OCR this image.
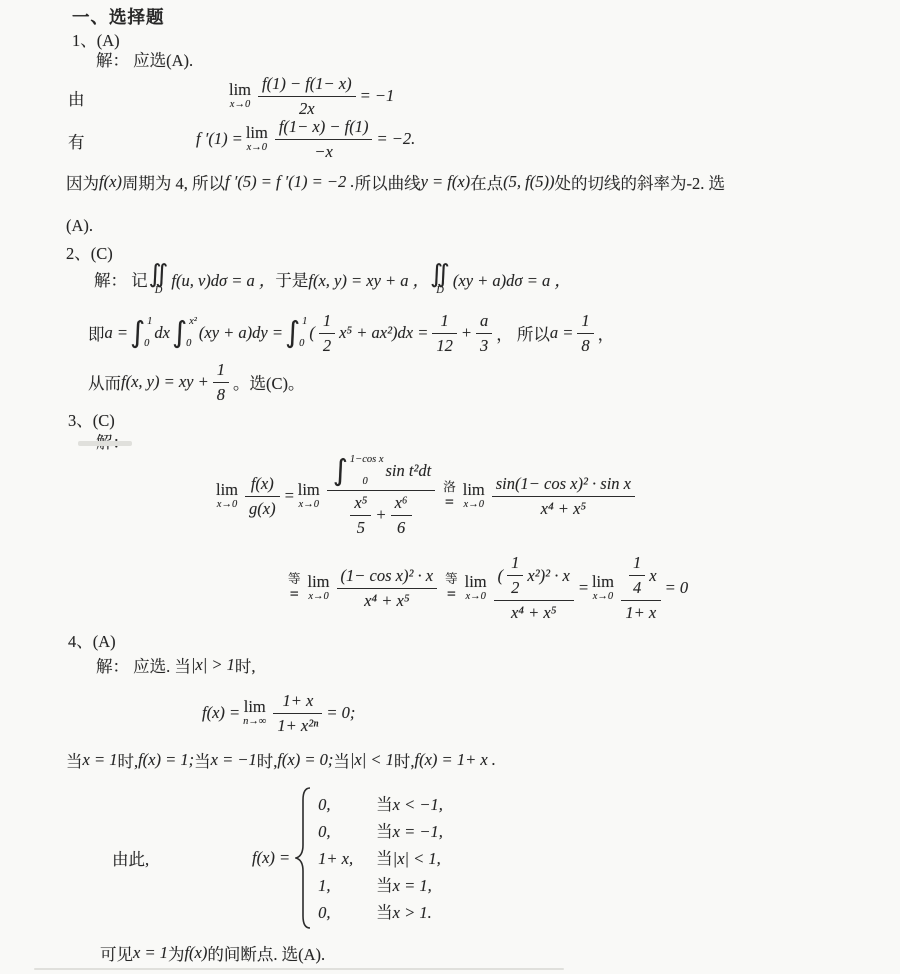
一、选择题
1、(A)
解： 应选(A).
由
lim
$x\to 0 \frac{f(1) - f(1- x)}{2x} = -1$
有	f ′(1) = lim
$x\to 0 \frac{f(1- x) - f(1)}{-x} = -2$.
因为 f(x) 周期为 4, 所以 f ′(5) = f ′(1) = −2 . 所以曲线 y = f(x) 在点 (5, f(5)) 处的切线的斜率为-2. 选
(A).
2、(C)
解： 记 ∬
D
f(u, v)dσ = a ， 于是 f(x, y) = xy + a ， ∬
D
(xy + a)dσ = a ，
即 a = ∫ 1
0
dx ∫ x²
0
(xy + a)dy = ∫ 1
0
( $\frac{1}{2} x^5 + ax^2)dx = \frac{1}{12} + \frac{a}{3}$ ， 所以 $a = \frac{1}{8}$ ，
从而 f(x, y) = xy + $\frac{1}{8}$ 。选(C)。
3、(C)
lim
$x\to 0 \frac{f(x)}{g(x)} = \lim$
x→0
∫ 1−cos x
0
sin t²dt
$\frac{\text{x⁵}}{5} + \frac{\text{x⁶}}{6}$
洛
=
lim
$x\to 0 \frac{\text{sin(1− cos x)² · sin x}}{\text{x⁴ + x⁵}}$
等
=
lim
$x\to 0 \frac{\text{(1− cos x)² · x}}{\text{x⁴ + x⁵}}$ 等
=
lim
$x\to 0 \frac{( \frac{1}{2} x^2)^2 \cdot x}{\text{x⁴ + x⁵}} = \lim$
$x\to 0 \frac{\frac{1}{4} x}{1+ x} = 0$
4、(A)
解： 应选. 当 |x| > 1 时,
f(x) = lim
$n\to\infty \frac{1+ x}{\text{1+ x²ⁿ}} = 0$;
当 x = 1 时, f(x) = 1; 当 x = −1 时, f(x) = 0; 当 |x| < 1 时, f(x) = 1+ x .
由此,	f(x) =
0,	当 x < −1,
0,	当 x = −1,
1+ x,	当 |x| < 1,
1,	当 x = 1,
0,	当 x > 1.
可见 x = 1 为 f(x) 的间断点. 选(A).
